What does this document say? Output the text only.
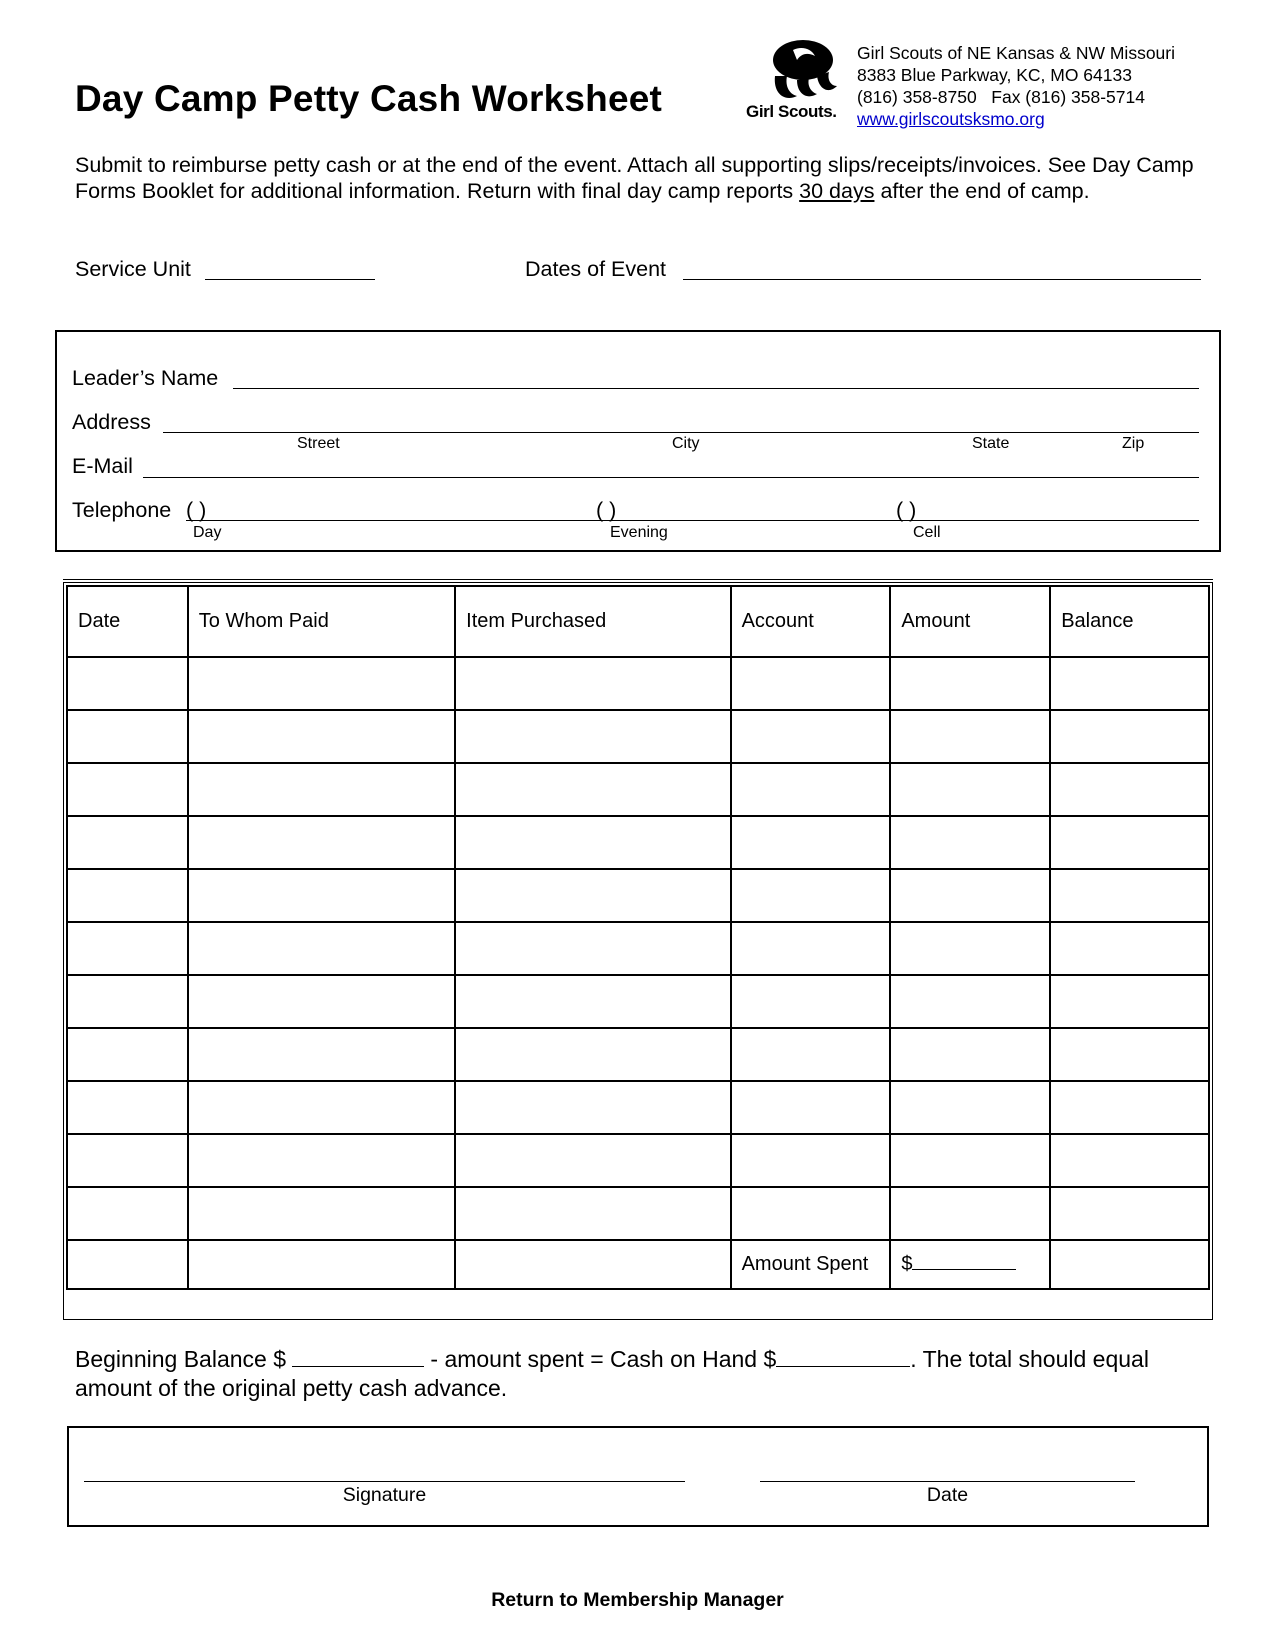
Day Camp Petty Cash Worksheet	Girl Scouts.
Girl Scouts of NE Kansas & NW Missouri
8383 Blue Parkway, KC, MO 64133
(816) 358-8750 Fax (816) 358-5714
www.girlscoutsksmo.org
Submit to reimburse petty cash or at the end of the event. Attach all supporting slips/receipts/invoices. See Day Camp Forms Booklet for additional information. Return with final day camp reports 30 days after the end of camp.
Service Unit	Dates of Event
Leader’s Name
Address
Street	City	State	Zip
E-Mail
Telephone ( )	( )	( )
Day	Evening	Cell
Date	To Whom Paid	Item Purchased	Account	Amount	Balance

			Amount Spent	$	
Beginning Balance $	- amount spent = Cash on Hand $	. The total should equal amount of the original petty cash advance.
Signature	Date
Return to Membership Manager
